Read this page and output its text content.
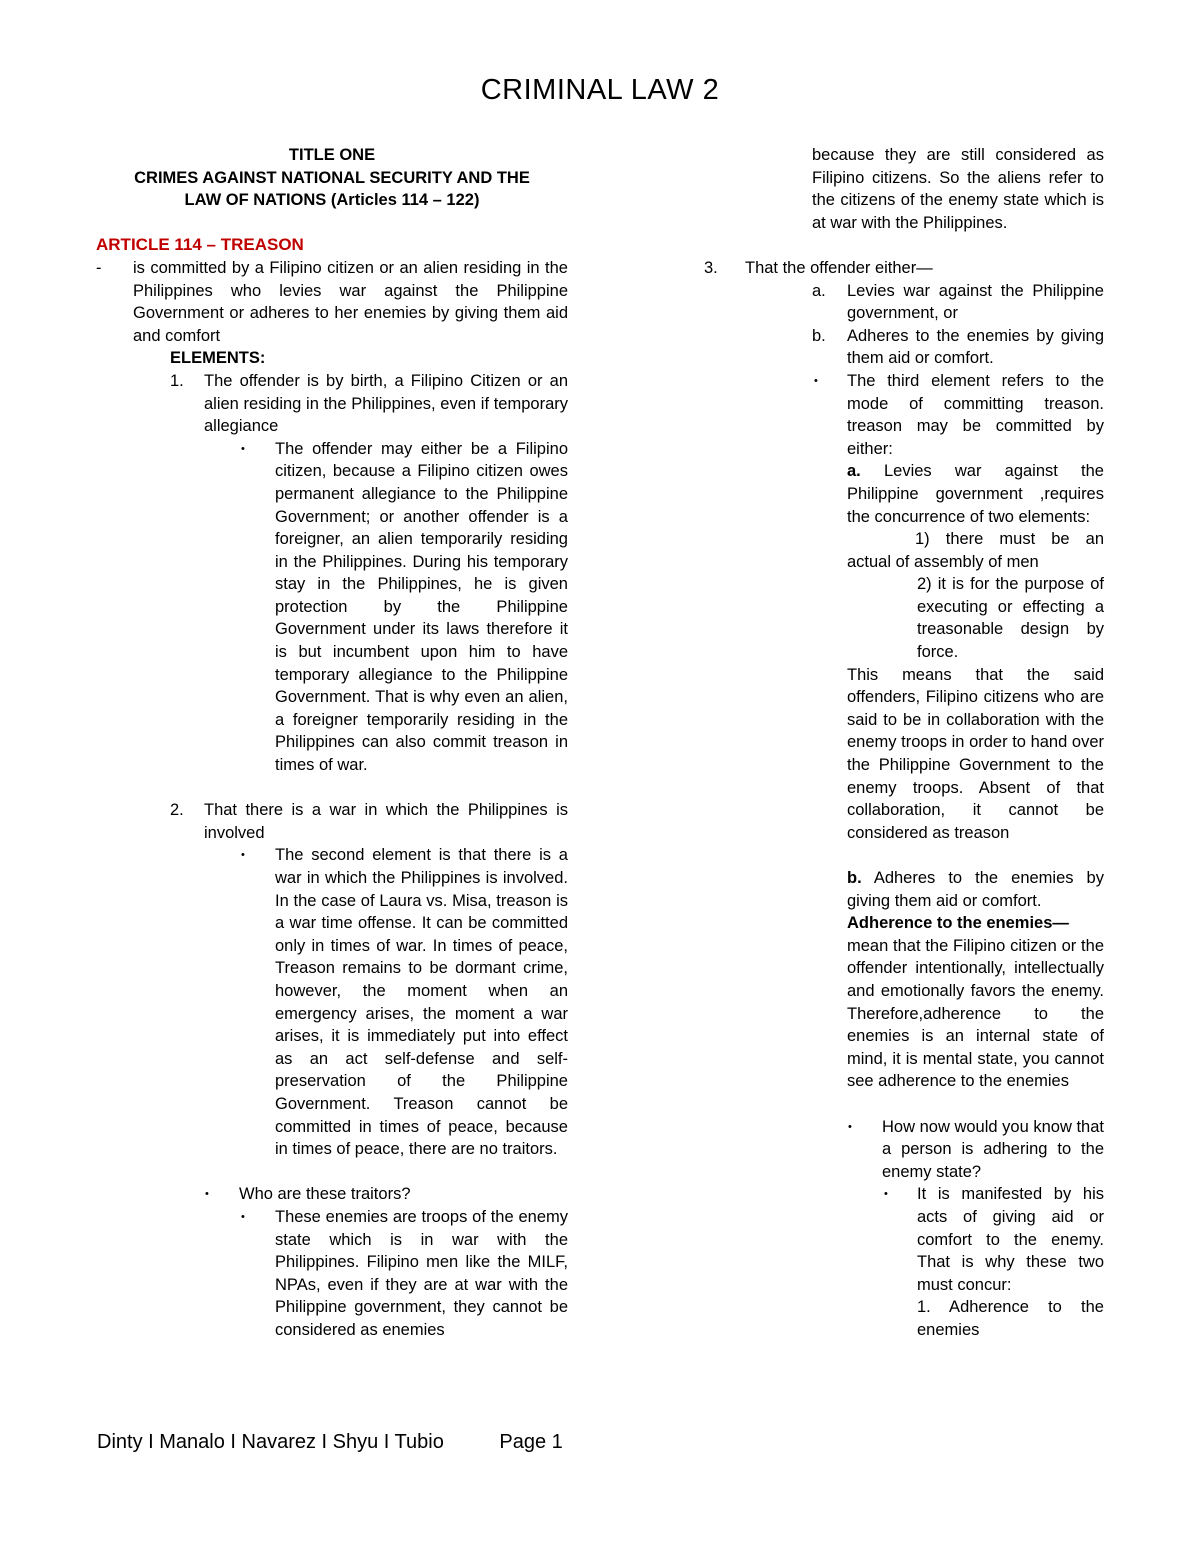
CRIMINAL LAW 2
TITLE ONE
CRIMES AGAINST NATIONAL SECURITY AND THE
LAW OF NATIONS (Articles 114 – 122)
ARTICLE 114 – TREASON
- is committed by a Filipino citizen or an alien residing in the Philippines who levies war against the Philippine Government or adheres to her enemies by giving them aid and comfort
ELEMENTS:
1. The offender is by birth, a Filipino Citizen or an alien residing in the Philippines, even if temporary allegiance
• The offender may either be a Filipino citizen, because a Filipino citizen owes permanent allegiance to the Philippine Government; or another offender is a foreigner, an alien temporarily residing in the Philippines. During his temporary stay in the Philippines, he is given protection by the Philippine Government under its laws therefore it is but incumbent upon him to have temporary allegiance to the Philippine Government. That is why even an alien, a foreigner temporarily residing in the Philippines can also commit treason in times of war.
2. That there is a war in which the Philippines is involved
• The second element is that there is a war in which the Philippines is involved. In the case of Laura vs. Misa, treason is a war time offense. It can be committed only in times of war. In times of peace, Treason remains to be dormant crime, however, the moment when an emergency arises, the moment a war arises, it is immediately put into effect as an act self-defense and self-preservation of the Philippine Government. Treason cannot be committed in times of peace, because in times of peace, there are no traitors.
• Who are these traitors?
• These enemies are troops of the enemy state which is in war with the Philippines. Filipino men like the MILF, NPAs, even if they are at war with the Philippine government, they cannot be considered as enemies
because they are still considered as Filipino citizens. So the aliens refer to the citizens of the enemy state which is at war with the Philippines.
3. That the offender either—
a. Levies war against the Philippine government, or
b. Adheres to the enemies by giving them aid or comfort.
• The third element refers to the mode of committing treason. treason may be committed by either:
a. Levies war against the Philippine government ,requires the concurrence of two elements:
1) there must be an actual of assembly of men
2) it is for the purpose of executing or effecting a treasonable design by force.
This means that the said offenders, Filipino citizens who are said to be in collaboration with the enemy troops in order to hand over the Philippine Government to the enemy troops. Absent of that collaboration, it cannot be considered as treason
b. Adheres to the enemies by giving them aid or comfort.
Adherence to the enemies—
mean that the Filipino citizen or the offender intentionally, intellectually and emotionally favors the enemy. Therefore,adherence to the enemies is an internal state of mind, it is mental state, you cannot see adherence to the enemies
• How now would you know that a person is adhering to the enemy state?
• It is manifested by his acts of giving aid or comfort to the enemy. That is why these two must concur:
1. Adherence to the enemies
Dinty I Manalo I Navarez I Shyu I Tubio	Page 1
